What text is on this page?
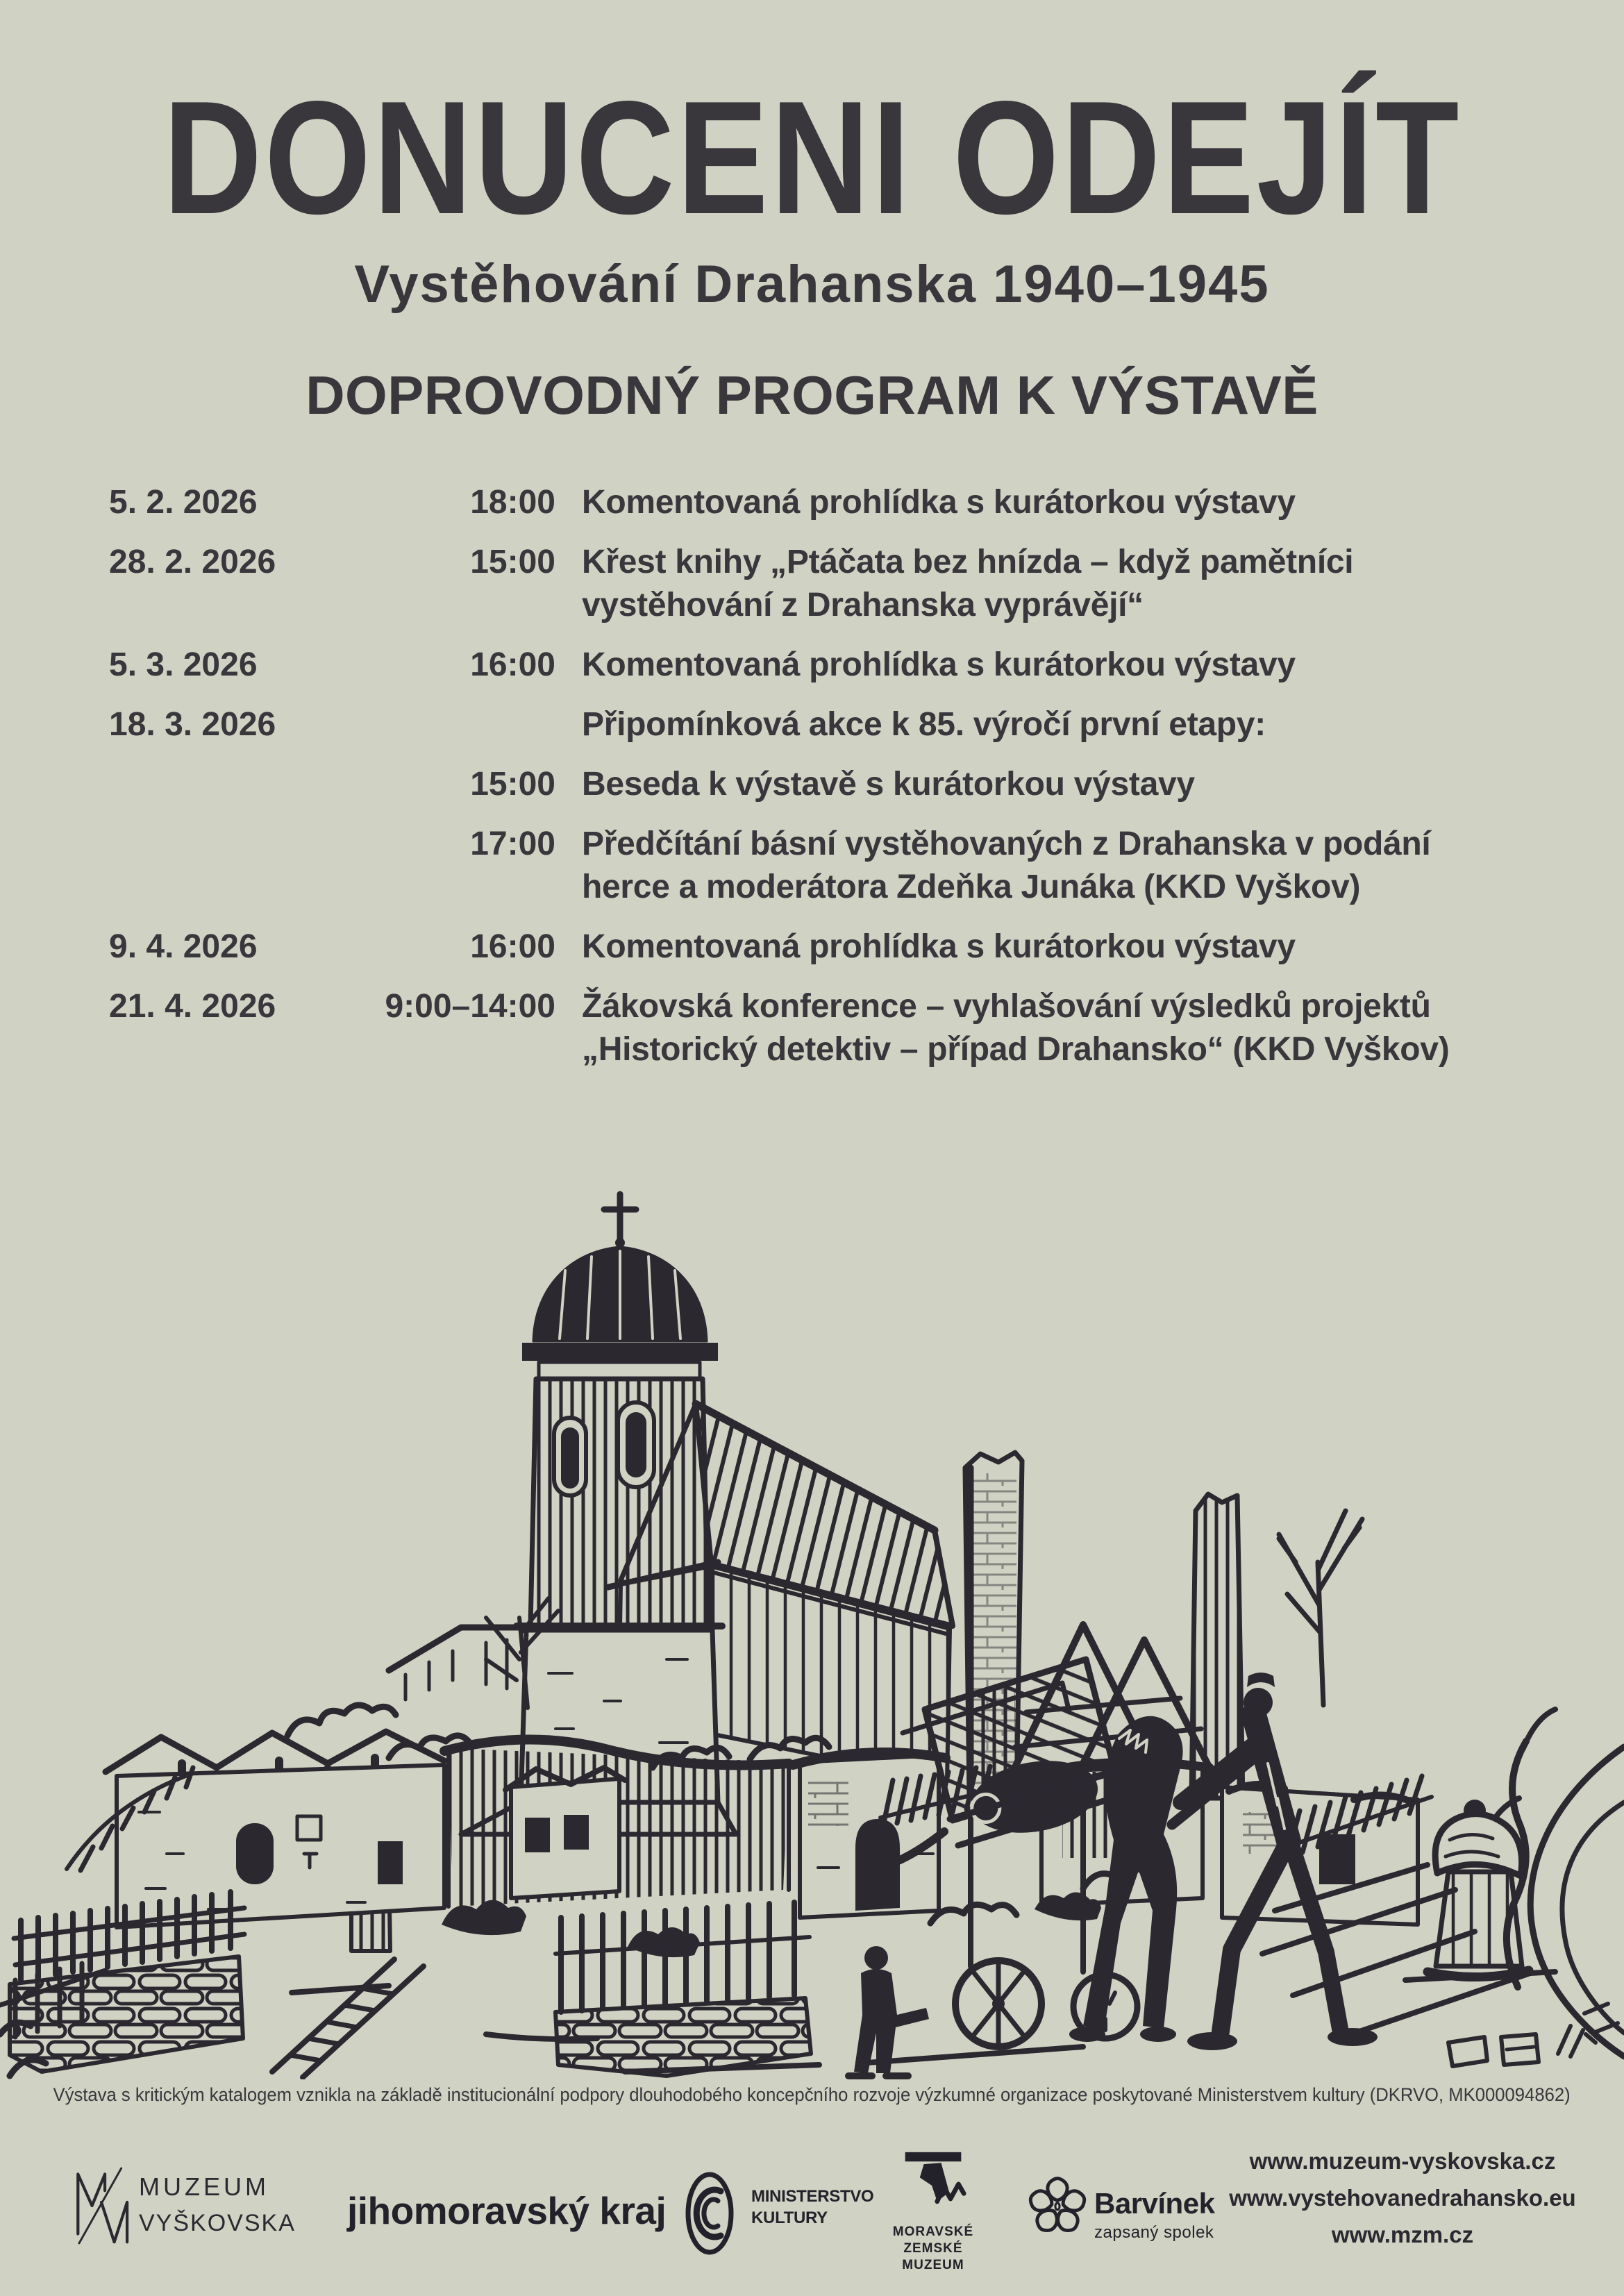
DONUCENI ODEJÍT
Vystěhování Drahanska 1940–1945
DOPROVODNÝ PROGRAM K VÝSTAVĚ
5. 2. 2026	18:00 Komentovaná prohlídka s kurátorkou výstavy
28. 2. 2026	15:00 Křest knihy „Ptáčata bez hnízda – když pamětníci vystěhování z Drahanska vyprávějí“
5. 3. 2026	16:00 Komentovaná prohlídka s kurátorkou výstavy
18. 3. 2026	Připomínková akce k 85. výročí první etapy:
15:00 Beseda k výstavě s kurátorkou výstavy
17:00 Předčítání básní vystěhovaných z Drahanska v podání herce a moderátora Zdeňka Junáka (KKD Vyškov)
9. 4. 2026	16:00 Komentovaná prohlídka s kurátorkou výstavy
21. 4. 2026	9:00–14:00 Žákovská konference – vyhlašování výsledků projektů „Historický detektiv – případ Drahansko“ (KKD Vyškov)
Výstava s kritickým katalogem vznikla na základě institucionální podpory dlouhodobého koncepčního rozvoje výzkumné organizace poskytované Ministerstvem kultury (DKRVO, MK000094862)
MUZEUM
VYŠKOVSKA jihomoravský kraj	MINISTERSTVO
KULTURY
MORAVSKÉ
ZEMSKÉ
MUZEUM
Barvínek
zapsaný spolek
www.muzeum-vyskovska.cz
www.vystehovanedrahansko.eu
www.mzm.cz
